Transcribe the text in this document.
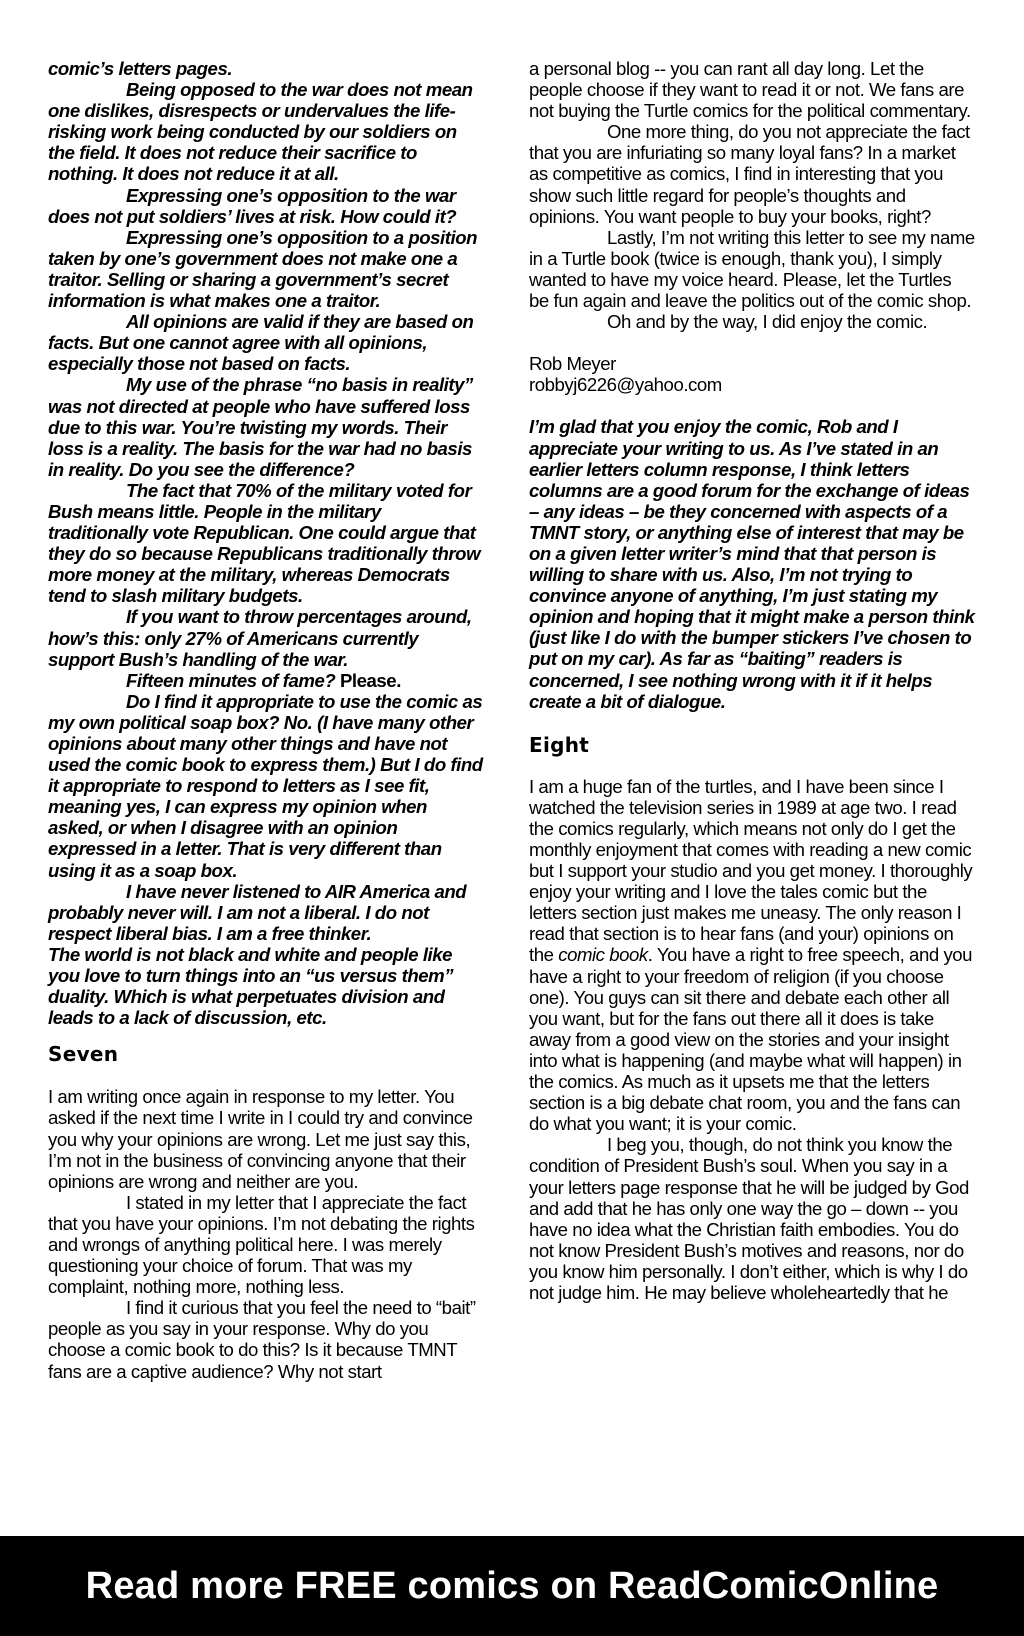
comic’s letters pages.

Being opposed to the war does not mean one dislikes, disrespects or undervalues the life-risking work being conducted by our soldiers on the field. It does not reduce their sacrifice to nothing. It does not reduce it at all.

Expressing one’s opposition to the war does not put soldiers’ lives at risk. How could it?

Expressing one’s opposition to a position taken by one’s government does not make one a traitor. Selling or sharing a government’s secret information is what makes one a traitor.

All opinions are valid if they are based on facts. But one cannot agree with all opinions, especially those not based on facts.

My use of the phrase “no basis in reality” was not directed at people who have suffered loss due to this war. You’re twisting my words. Their loss is a reality. The basis for the war had no basis in reality. Do you see the difference?

The fact that 70% of the military voted for Bush means little. People in the military traditionally vote Republican. One could argue that they do so because Republicans traditionally throw more money at the military, whereas Democrats tend to slash military budgets.

If you want to throw percentages around, how’s this: only 27% of Americans currently support Bush’s handling of the war.

Fifteen minutes of fame? Please.

Do I find it appropriate to use the comic as my own political soap box? No. (I have many other opinions about many other things and have not used the comic book to express them.) But I do find it appropriate to respond to letters as I see fit, meaning yes, I can express my opinion when asked, or when I disagree with an opinion expressed in a letter. That is very different than using it as a soap box.

I have never listened to AIR America and probably never will. I am not a liberal. I do not respect liberal bias. I am a free thinker.

The world is not black and white and people like you love to turn things into an “us versus them” duality. Which is what perpetuates division and leads to a lack of discussion, etc.

Seven

I am writing once again in response to my letter. You asked if the next time I write in I could try and convince you why your opinions are wrong. Let me just say this, I’m not in the business of convincing anyone that their opinions are wrong and neither are you.

I stated in my letter that I appreciate the fact that you have your opinions. I’m not debating the rights and wrongs of anything political here. I was merely questioning your choice of forum. That was my complaint, nothing more, nothing less.

I find it curious that you feel the need to “bait” people as you say in your response. Why do you choose a comic book to do this? Is it because TMNT fans are a captive audience? Why not start

a personal blog -- you can rant all day long. Let the people choose if they want to read it or not. We fans are not buying the Turtle comics for the political commentary.

One more thing, do you not appreciate the fact that you are infuriating so many loyal fans? In a market as competitive as comics, I find in interesting that you show such little regard for people’s thoughts and opinions. You want people to buy your books, right?

Lastly, I’m not writing this letter to see my name in a Turtle book (twice is enough, thank you), I simply wanted to have my voice heard. Please, let the Turtles be fun again and leave the politics out of the comic shop.

Oh and by the way, I did enjoy the comic.

Rob Meyer

robbyj6226@yahoo.com

I’m glad that you enjoy the comic, Rob and I appreciate your writing to us. As I’ve stated in an earlier letters column response, I think letters columns are a good forum for the exchange of ideas – any ideas – be they concerned with aspects of a TMNT story, or anything else of interest that may be on a given letter writer’s mind that that person is willing to share with us. Also, I’m not trying to convince anyone of anything, I’m just stating my opinion and hoping that it might make a person think (just like I do with the bumper stickers I’ve chosen to put on my car). As far as “baiting” readers is concerned, I see nothing wrong with it if it helps create a bit of dialogue.

Eight

I am a huge fan of the turtles, and I have been since I watched the television series in 1989 at age two. I read the comics regularly, which means not only do I get the monthly enjoyment that comes with reading a new comic but I support your studio and you get money. I thoroughly enjoy your writing and I love the tales comic but the letters section just makes me uneasy. The only reason I read that section is to hear fans (and your) opinions on the comic book. You have a right to free speech, and you have a right to your freedom of religion (if you choose one). You guys can sit there and debate each other all you want, but for the fans out there all it does is take away from a good view on the stories and your insight into what is happening (and maybe what will happen) in the comics. As much as it upsets me that the letters section is a big debate chat room, you and the fans can do what you want; it is your comic.

I beg you, though, do not think you know the condition of President Bush’s soul. When you say in a your letters page response that he will be judged by God and add that he has only one way the go – down -- you have no idea what the Christian faith embodies. You do not know President Bush’s motives and reasons, nor do you know him personally. I don’t either, which is why I do not judge him. He may believe wholeheartedly that he

Read more FREE comics on ReadComicOnline
